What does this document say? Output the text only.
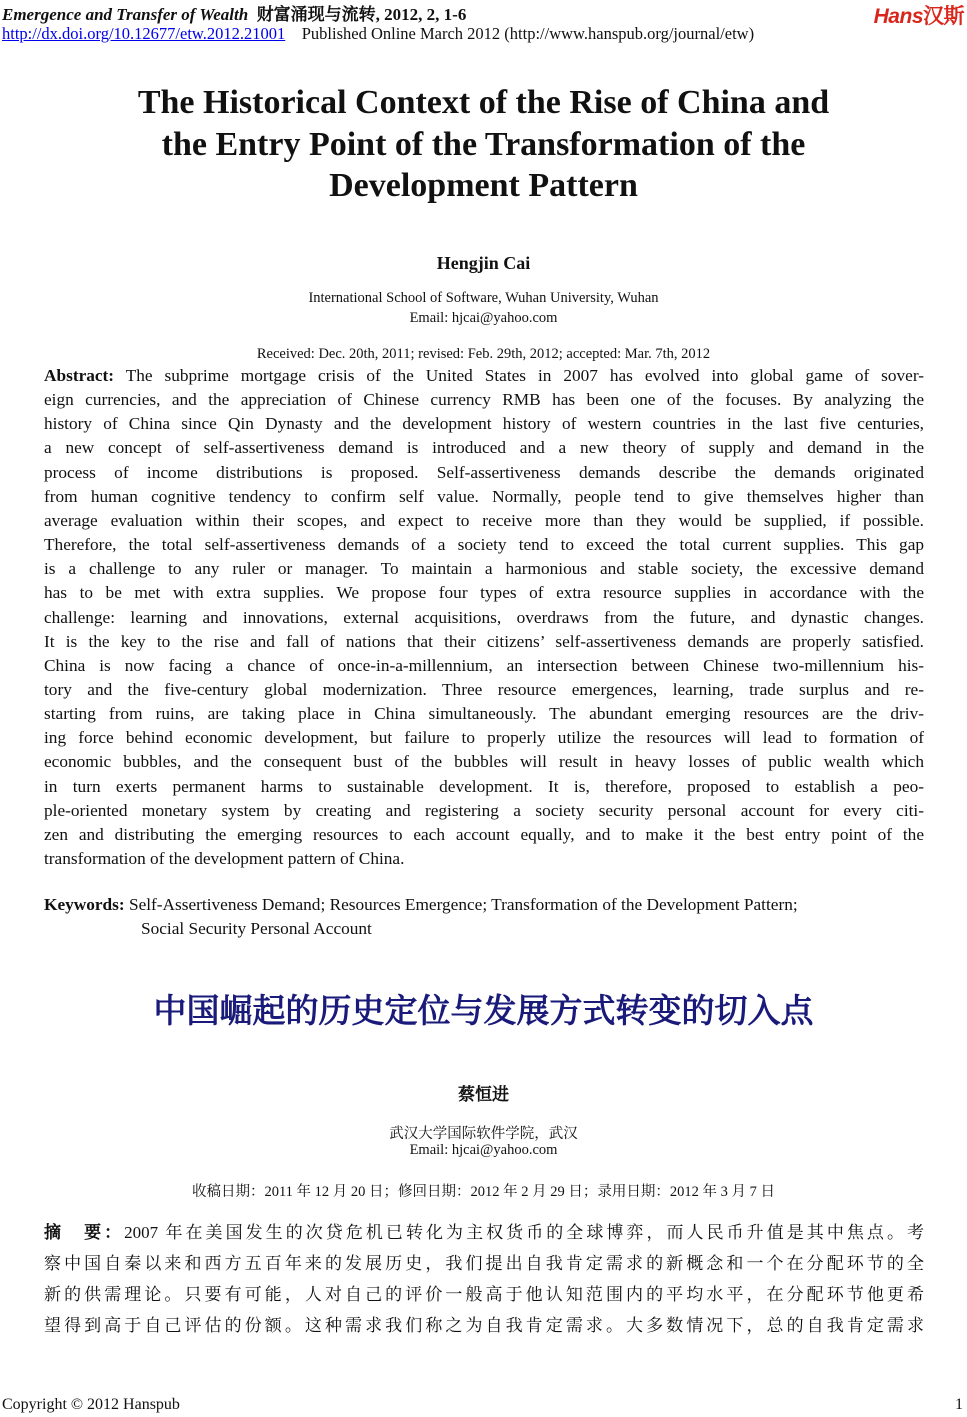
Emergence and Transfer of Wealth 财富涌现与流转, 2012, 2, 1-6
http://dx.doi.org/10.12677/etw.2012.21001 Published Online March 2012 (http://www.hanspub.org/journal/etw)
Hans汉斯
The Historical Context of the Rise of China and
the Entry Point of the Transformation of the
Development Pattern
Hengjin Cai
International School of Software, Wuhan University, Wuhan
Email: hjcai@yahoo.com
Received: Dec. 20th, 2011; revised: Feb. 29th, 2012; accepted: Mar. 7th, 2012
Abstract: The subprime mortgage crisis of the United States in 2007 has evolved into global game of sover-
eign currencies, and the appreciation of Chinese currency RMB has been one of the focuses. By analyzing the
history of China since Qin Dynasty and the development history of western countries in the last five centuries,
a new concept of self-assertiveness demand is introduced and a new theory of supply and demand in the
process of income distributions is proposed. Self-assertiveness demands describe the demands originated
from human cognitive tendency to confirm self value. Normally, people tend to give themselves higher than
average evaluation within their scopes, and expect to receive more than they would be supplied, if possible.
Therefore, the total self-assertiveness demands of a society tend to exceed the total current supplies. This gap
is a challenge to any ruler or manager. To maintain a harmonious and stable society, the excessive demand
has to be met with extra supplies. We propose four types of extra resource supplies in accordance with the
challenge: learning and innovations, external acquisitions, overdraws from the future, and dynastic changes.
It is the key to the rise and fall of nations that their citizens’ self-assertiveness demands are properly satisfied.
China is now facing a chance of once-in-a-millennium, an intersection between Chinese two-millennium his-
tory and the five-century global modernization. Three resource emergences, learning, trade surplus and re-
starting from ruins, are taking place in China simultaneously. The abundant emerging resources are the driv-
ing force behind economic development, but failure to properly utilize the resources will lead to formation of
economic bubbles, and the consequent bust of the bubbles will result in heavy losses of public wealth which
in turn exerts permanent harms to sustainable development. It is, therefore, proposed to establish a peo-
ple-oriented monetary system by creating and registering a society security personal account for every citi-
zen and distributing the emerging resources to each account equally, and to make it the best entry point of the
transformation of the development pattern of China.
Keywords: Self-Assertiveness Demand; Resources Emergence; Transformation of the Development Pattern;
Social Security Personal Account
中国崛起的历史定位与发展方式转变的切入点
蔡恒进
武汉大学国际软件学院，武汉
Email: hjcai@yahoo.com
收稿日期：2011 年 12 月 20 日；修回日期：2012 年 2 月 29 日；录用日期：2012 年 3 月 7 日
摘　要：2007 年在美国发生的次贷危机已转化为主权货币的全球博弈，而人民币升值是其中焦点。考
察中国自秦以来和西方五百年来的发展历史，我们提出自我肯定需求的新概念和一个在分配环节的全
新的供需理论。只要有可能，人对自己的评价一般高于他认知范围内的平均水平，在分配环节他更希
望得到高于自己评估的份额。这种需求我们称之为自我肯定需求。大多数情况下，总的自我肯定需求
Copyright © 2012 Hanspub	1
